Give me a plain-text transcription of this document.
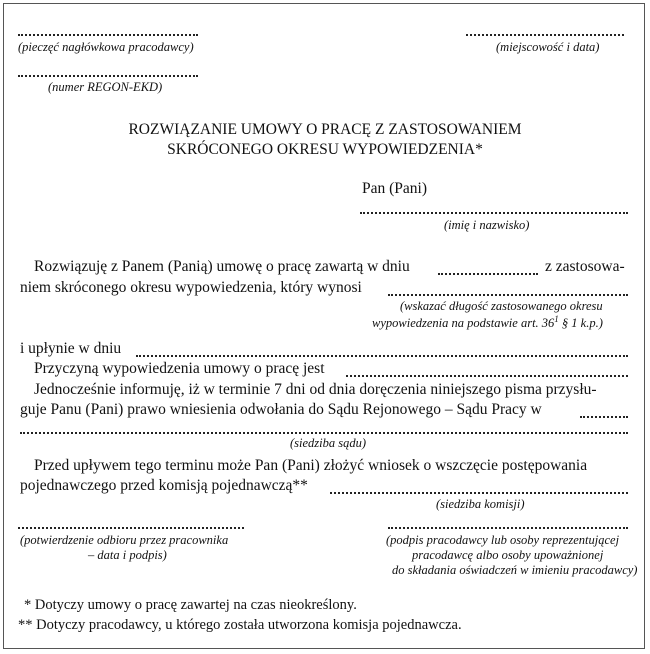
(pieczęć nagłówkowa pracodawcy)	(miejscowość i data)
(numer REGON-EKD)
ROZWIĄZANIE UMOWY O PRACĘ Z ZASTOSOWANIEM
SKRÓCONEGO OKRESU WYPOWIEDZENIA*
Pan (Pani)
(imię i nazwisko)
Rozwiązuję z Panem (Panią) umowę o pracę zawartą w dniu	z zastosowa-
niem skróconego okresu wypowiedzenia, który wynosi
(wskazać długość zastosowanego okresu
wypowiedzenia na podstawie art. $36^1$ § 1 k.p.)
i upłynie w dniu
Przyczyną wypowiedzenia umowy o pracę jest
Jednocześnie informuję, iż w terminie 7 dni od dnia doręczenia niniejszego pisma przysłu-
guje Panu (Pani) prawo wniesienia odwołania do Sądu Rejonowego – Sądu Pracy w
(siedziba sądu)
Przed upływem tego terminu może Pan (Pani) złożyć wniosek o wszczęcie postępowania
pojednawczego przed komisją pojednawczą**
(siedziba komisji)
(potwierdzenie odbioru przez pracownika
– data i podpis)
(podpis pracodawcy lub osoby reprezentującej
pracodawcę albo osoby upoważnionej
do składania oświadczeń w imieniu pracodawcy)
* Dotyczy umowy o pracę zawartej na czas nieokreślony.
** Dotyczy pracodawcy, u którego została utworzona komisja pojednawcza.
